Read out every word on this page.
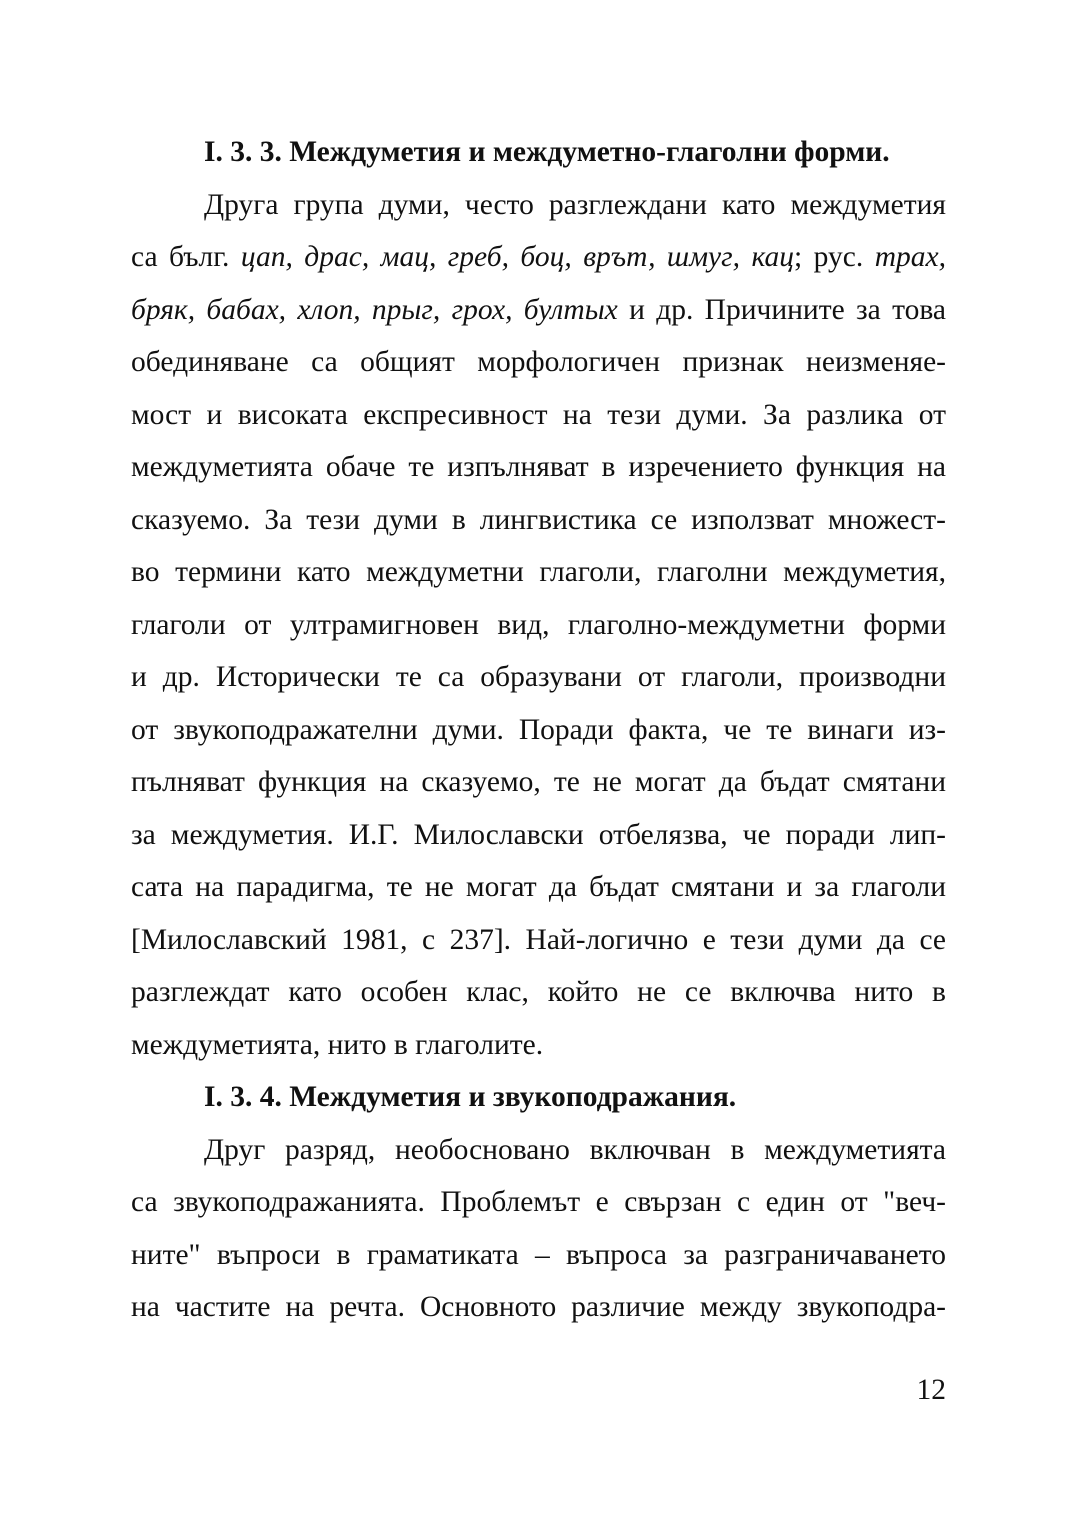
I. 3. 3. Междуметия и междуметно-глаголни форми.
Друга група думи, често разглеждани като междуметия
са бълг. цап, драс, мац, греб, боц, врът, шмуг, кац; рус. трах,
бряк, бабах, хлоп, прыг, грох, бултых и др. Причините за това
обединяване са общият морфологичен признак неизменяе-
мост и високата експресивност на тези думи. За разлика от
междуметията обаче те изпълняват в изречението функция на
сказуемо. За тези думи в лингвистика се използват множест-
во термини като междуметни глаголи, глаголни междуметия,
глаголи от ултрамигновен вид, глаголно-междуметни форми
и др. Исторически те са образувани от глаголи, производни
от звукоподражателни думи. Поради факта, че те винаги из-
пълняват функция на сказуемо, те не могат да бъдат смятани
за междуметия. И.Г. Милославски отбелязва, че поради лип-
сата на парадигма, те не могат да бъдат смятани и за глаголи
[Милославский 1981, с 237]. Най-логично е тези думи да се
разглеждат като особен клас, който не се включва нито в
междуметията, нито в глаголите.
I. 3. 4. Междуметия и звукоподражания.
Друг разряд, необосновано включван в междуметията
са звукоподражанията. Проблемът е свързан с един от "веч-
ните" въпроси в граматиката – въпроса за разграничаването
на частите на речта. Основното различие между звукоподра-
12
